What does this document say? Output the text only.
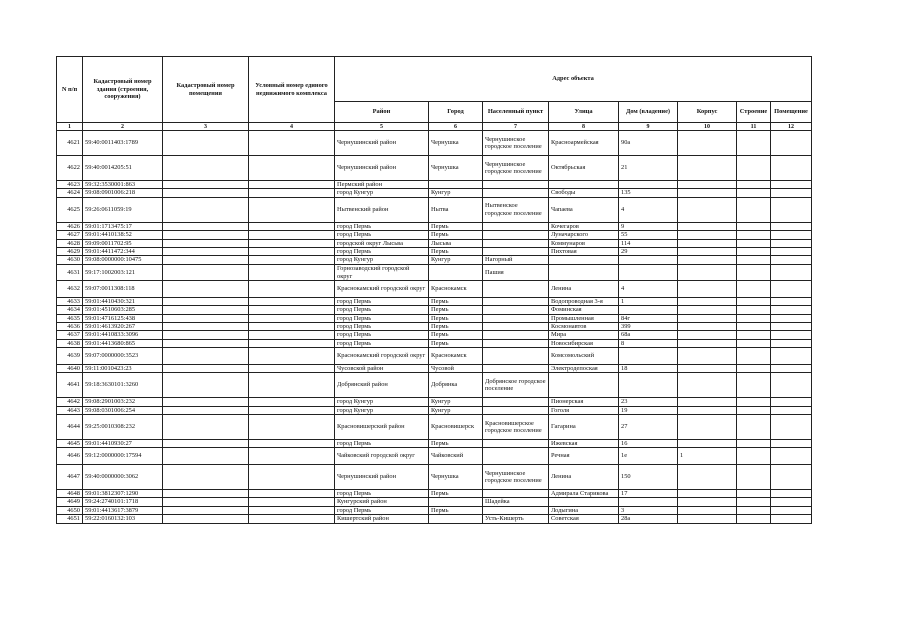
N п/п	Кадастровый номер здания (строения, сооружения)	Кадастровый номер помещения	Условный номер единого недвижимого комплекса	Адрес объекта							
				Район	Город	Населенный пункт	Улица	Дом (владение)	Корпус	Строение	Помещение
1	2	3	4	5	6	7	8	9	10	11	12
4621	59:40:0011403:1789			Чернушинский район	Чернушка	Чернушинское городское поселение	Красноармейская	90а			
4622	59:40:0014205:51			Чернушинский район	Чернушка	Чернушинское городское поселение	Октябрьская	21			
4623	59:32:3530001:863			Пермский район							
4624	59:08:0901006:218			город Кунгур	Кунгур		Свободы	135			
4625	59:26:0611059:19			Нытвенский район	Нытва	Нытвенское городское поселение	Чапаева	4			
4626	59:01:1713475:17			город Пермь	Пермь		Кочегаров	9			
4627	59:01:4410138:52			город Пермь	Пермь		Луначарского	55			
4628	59:09:0011702:95			городской округ Лысьва	Лысьва		Коммунаров	114			
4629	59:01:4411472:344			город Пермь	Пермь		Пихтовая	29			
4630	59:08:0000000:10475			город Кунгур	Кунгур	Нагорный					
4631	59:17:1002003:121			Горнозаводский городской округ		Пашия					
4632	59:07:0011308:118			Краснокамский городской округ	Краснокамск		Ленина	4			
4633	59:01:4410430:321			город Пермь	Пермь		Водопроводная 3-я	1			
4634	59:01:4510603:285			город Пермь	Пермь		Фоминская				
4635	59:01:4716125:438			город Пермь	Пермь		Промышленная	84г			
4636	59:01:4613920:267			город Пермь	Пермь		Космонавтов	399			
4637	59:01:4410833:3096			город Пермь	Пермь		Мира	68а			
4638	59:01:4413680:865			город Пермь	Пермь		Новосибирская	8			
4639	59:07:0000000:3523			Краснокамский городской округ	Краснокамск		Комсомольский				
4640	59:11:0010423:23			Чусовской район	Чусовой		Электродепоская	18			
4641	59:18:3630101:3260			Добрянский район	Добрянка	Добрянское городское поселение					
4642	59:08:2901003:232			город Кунгур	Кунгур		Пионерская	23			
4643	59:08:0301006:254			город Кунгур	Кунгур		Гоголя	19			
4644	59:25:0010308:232			Красновишерский район	Красновишерск	Красновишерское городское поселение	Гагарина	27			
4645	59:01:4410930:27			город Пермь	Пермь		Ижевская	16			
4646	59:12:0000000:17594			Чайковский городской округ	Чайковский		Речная	1е	1		
4647	59:40:0000000:3062			Чернушинский район	Чернушка	Чернушинское городское поселение	Ленина	150			
4648	59:01:3812307:1290			город Пермь	Пермь		Адмирала Старикова	17			
4649	59:24:2740101:1718			Кунгурский район		Шадейка					
4650	59:01:4413617:3879			город Пермь	Пермь		Лодыгина	3			
4651	59:22:0160132:103			Кишертский район		Усть-Кишерть	Советская	28а			
